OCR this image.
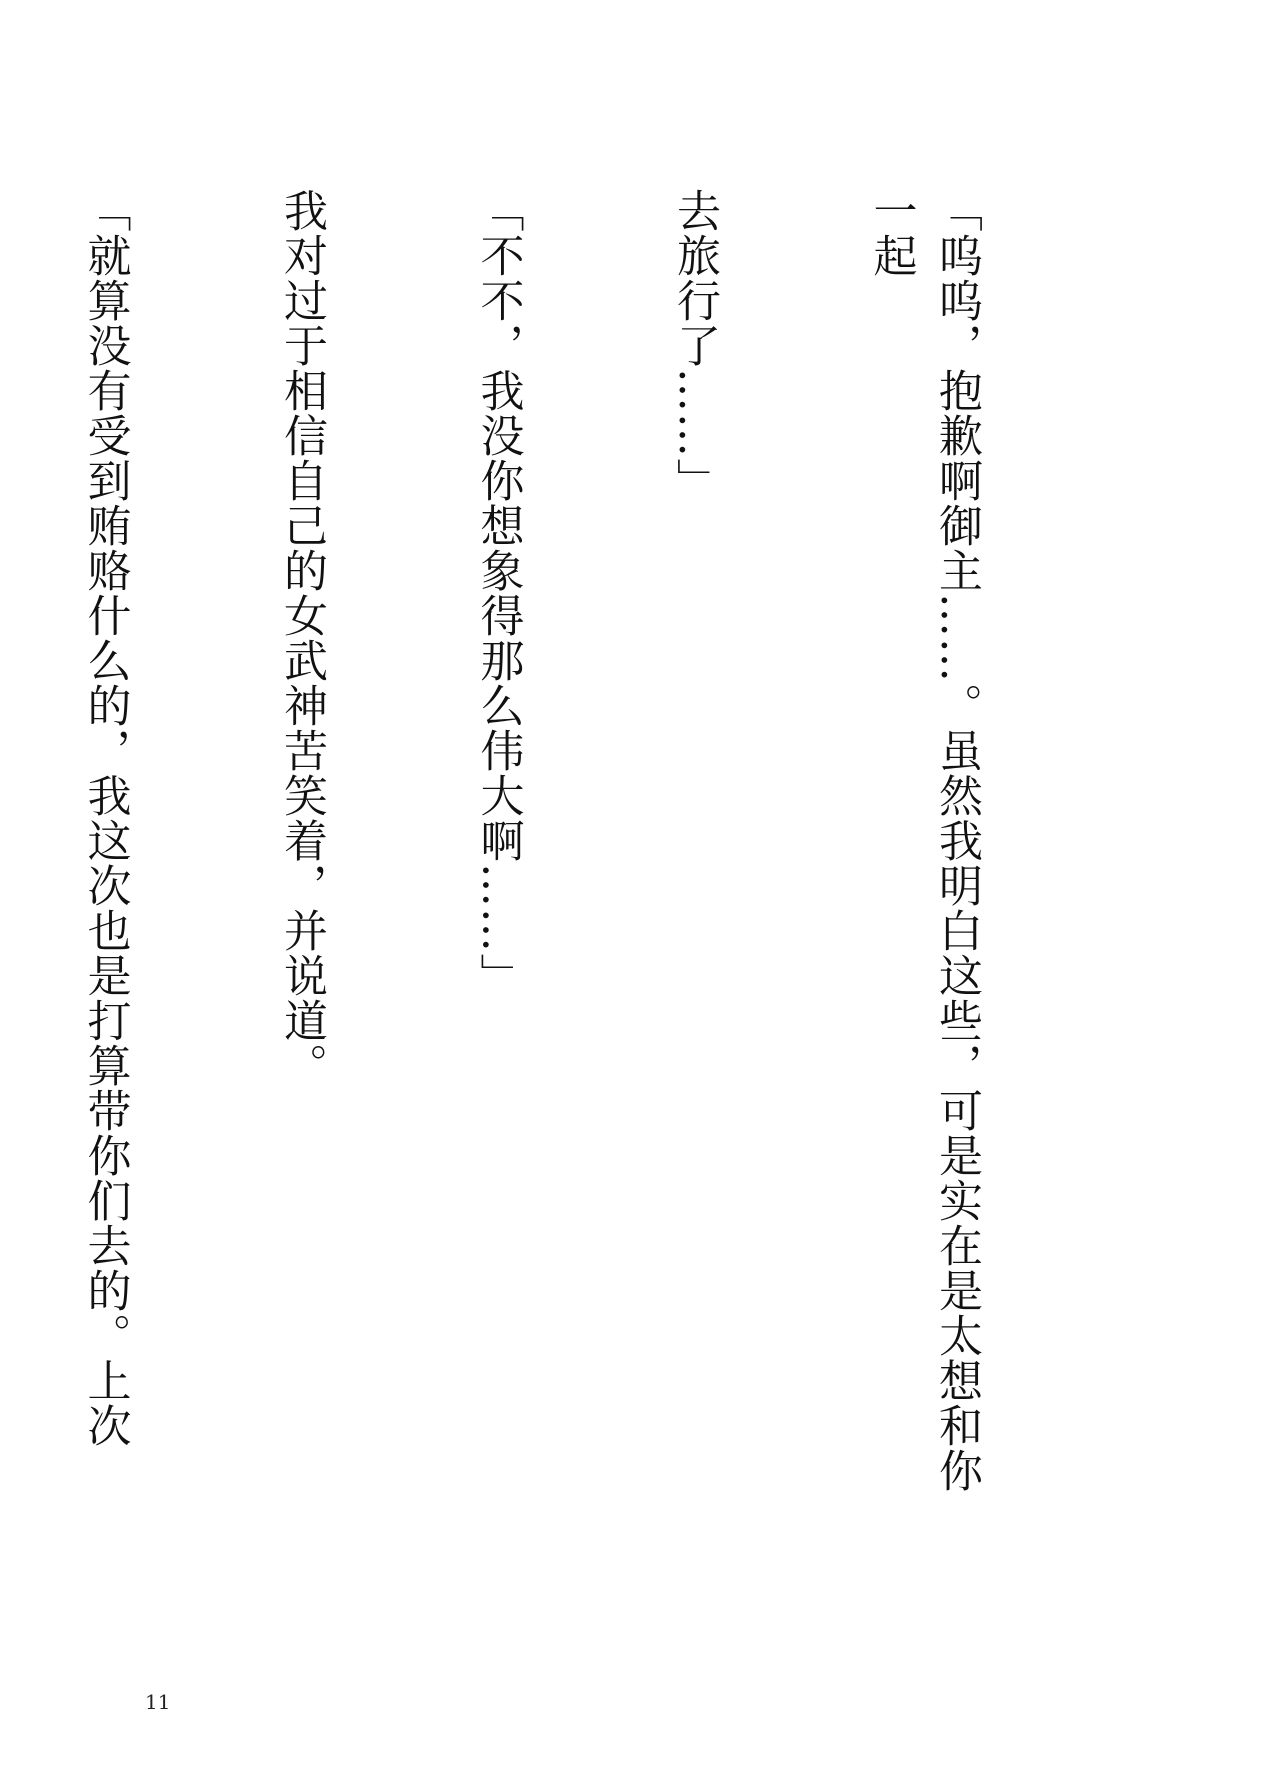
「呜呜，抱歉啊御主……。虽然我明白这些，可是实在是太想和你一起

去旅行了……」

「不不，我没你想象得那么伟大啊……」

我对过于相信自己的女武神苦笑着，并说道。

「就算没有受到贿赂什么的，我这次也是打算带你们去的。上次

11
